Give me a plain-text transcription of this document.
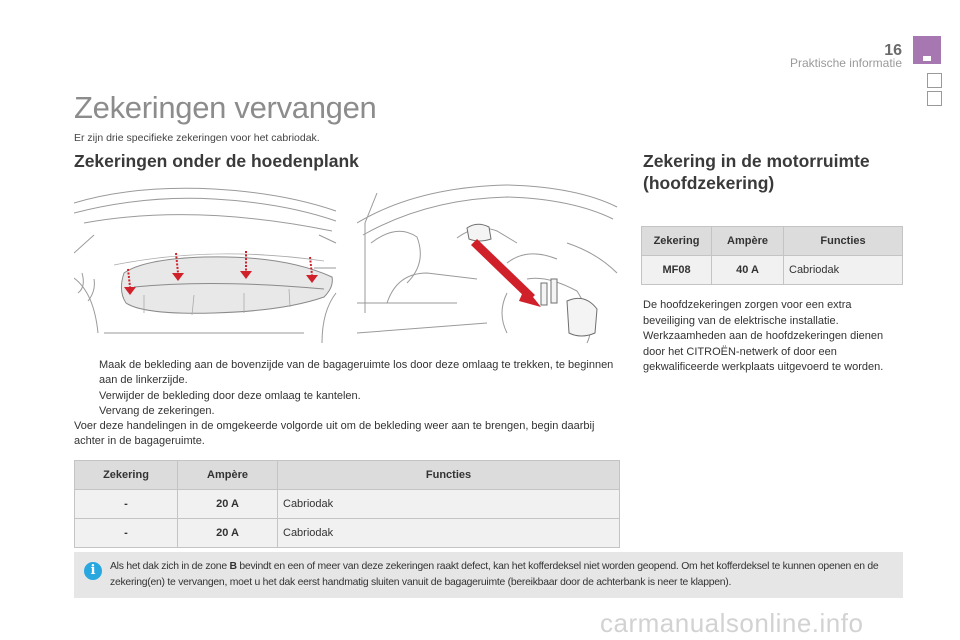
16
Praktische informatie
Zekeringen vervangen
Er zijn drie specifieke zekeringen voor het cabriodak.
Zekeringen onder de hoedenplank	Zekering in de motorruimte (hoofdzekering)
Maak de bekleding aan de bovenzijde van de bagageruimte los door deze omlaag te trekken, te beginnen aan de linkerzijde.
Verwijder de bekleding door deze omlaag te kantelen.
Vervang de zekeringen.
Voer deze handelingen in de omgekeerde volgorde uit om de bekleding weer aan te brengen, begin daarbij achter in de bagageruimte.
Zekering	Ampère	Functies
-	20 A	Cabriodak
-	20 A	Cabriodak
Zekering	Ampère	Functies
MF08	40 A	Cabriodak
De hoofdzekeringen zorgen voor een extra beveiliging van de elektrische installatie. Werkzaamheden aan de hoofdzekeringen dienen door het CITROËN-netwerk of door een gekwalificeerde werkplaats uitgevoerd te worden.
i	Als het dak zich in de zone B bevindt en een of meer van deze zekeringen raakt defect, kan het kofferdeksel niet worden geopend. Om het kofferdeksel te kunnen openen en de zekering(en) te vervangen, moet u het dak eerst handmatig sluiten vanuit de bagageruimte (bereikbaar door de achterbank is neer te klappen).
carmanualsonline.info
